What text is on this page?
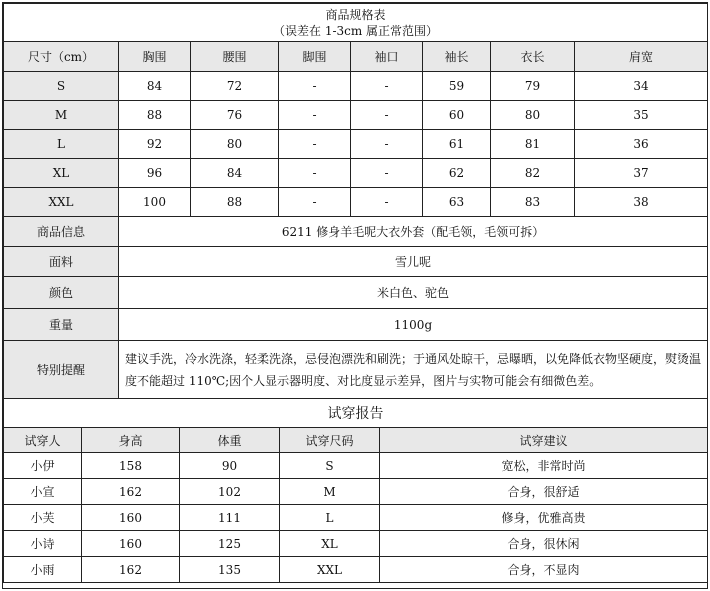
商品规格表
（误差在 1-3cm 属正常范围）							

尺寸（cm）	胸围	腰围	脚围	袖口	袖长	衣长	肩宽
S	84	72	-	-	59	79	34
M	88	76	-	-	60	80	35
L	92	80	-	-	61	81	36
XL	96	84	-	-	62	82	37
XXL	100	88	-	-	63	83	38
商品信息	6211 修身羊毛呢大衣外套（配毛领，毛领可拆）						
面料	雪儿呢						
颜色	米白色、驼色						
重量	1100g						
特别提醒	建议手洗，冷水洗涤，轻柔洗涤，忌侵泡漂洗和刷洗；于通风处晾干，忌曝晒，以免降低衣物坚硬度，熨烫温度不能超过 110℃;因个人显示器明度、对比度显示差异，图片与实物可能会有细微色差。						
试穿报告				
试穿人	身高	体重	试穿尺码	试穿建议
小伊	158	90	S	宽松，非常时尚
小宣	162	102	M	合身，很舒适
小芙	160	111	L	修身，优雅高贵
小诗	160	125	XL	合身，很休闲
小雨	162	135	XXL	合身，不显肉
